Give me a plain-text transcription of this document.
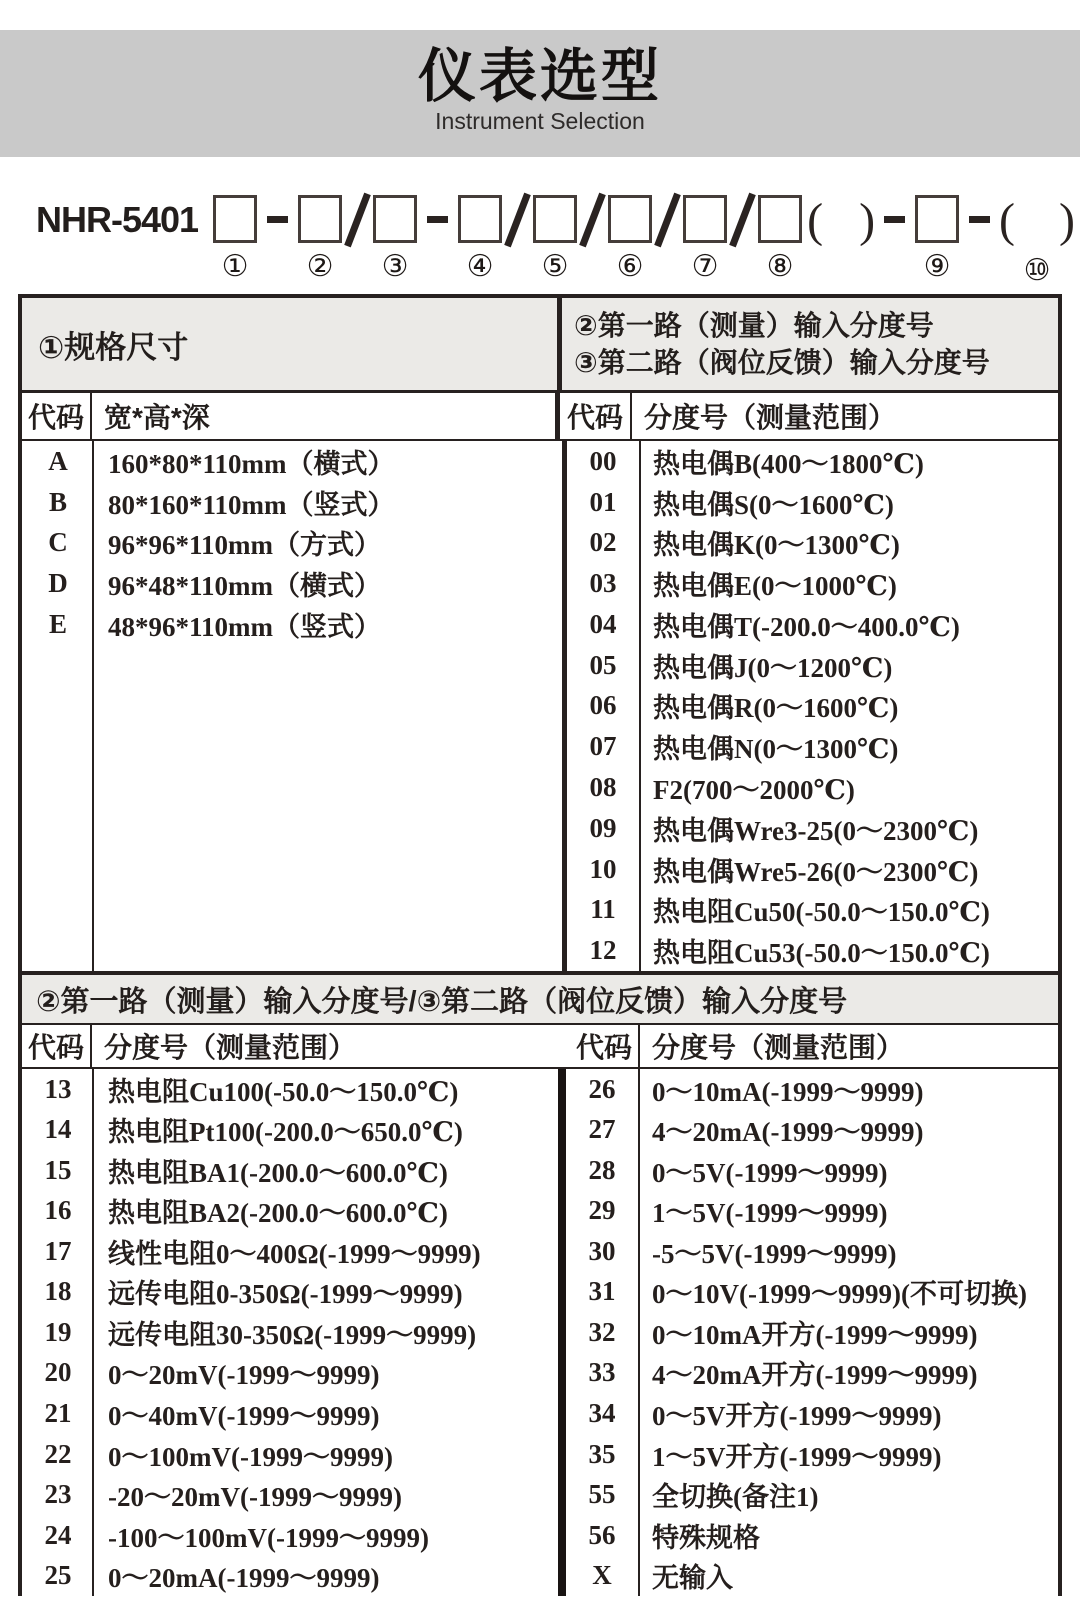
仪表选型
Instrument Selection
NHR-5401
① ② ③ ④ ⑤ ⑥ ⑦ ⑧
( )
⑨
( )
⑩
①规格尺寸
②第一路（测量）输入分度号
③第二路（阀位反馈）输入分度号
代码 宽*高*深	代码 分度号（测量范围）
A	160*80*110mm（横式）
B	80*160*110mm（竖式）
C	96*96*110mm（方式）
D	96*48*110mm（横式）
E	48*96*110mm（竖式）
00	热电偶B(400～1800℃)
01	热电偶S(0～1600℃)
02	热电偶K(0～1300℃)
03	热电偶E(0～1000℃)
04	热电偶T(-200.0～400.0℃)
05	热电偶J(0～1200℃)
06	热电偶R(0～1600℃)
07	热电偶N(0～1300℃)
08	F2(700～2000℃)
09	热电偶Wre3-25(0～2300℃)
10	热电偶Wre5-26(0～2300℃)
11	热电阻Cu50(-50.0～150.0℃)
12	热电阻Cu53(-50.0～150.0℃)
②第一路（测量）输入分度号/③第二路（阀位反馈）输入分度号
代码 分度号（测量范围）	代码 分度号（测量范围）
13	热电阻Cu100(-50.0～150.0℃)
14	热电阻Pt100(-200.0～650.0℃)
15	热电阻BA1(-200.0～600.0℃)
16	热电阻BA2(-200.0～600.0℃)
17	线性电阻0～400Ω(-1999～9999)
18	远传电阻0-350Ω(-1999～9999)
19	远传电阻30-350Ω(-1999～9999)
20	0～20mV(-1999～9999)
21	0～40mV(-1999～9999)
22	0～100mV(-1999～9999)
23	-20～20mV(-1999～9999)
24	-100～100mV(-1999～9999)
25	0～20mA(-1999～9999)
26	0～10mA(-1999～9999)
27	4～20mA(-1999～9999)
28	0～5V(-1999～9999)
29	1～5V(-1999～9999)
30	-5～5V(-1999～9999)
31	0～10V(-1999～9999)(不可切换)
32	0～10mA开方(-1999～9999)
33	4～20mA开方(-1999～9999)
34	0～5V开方(-1999～9999)
35	1～5V开方(-1999～9999)
55	全切换(备注1)
56	特殊规格
X	无输入
